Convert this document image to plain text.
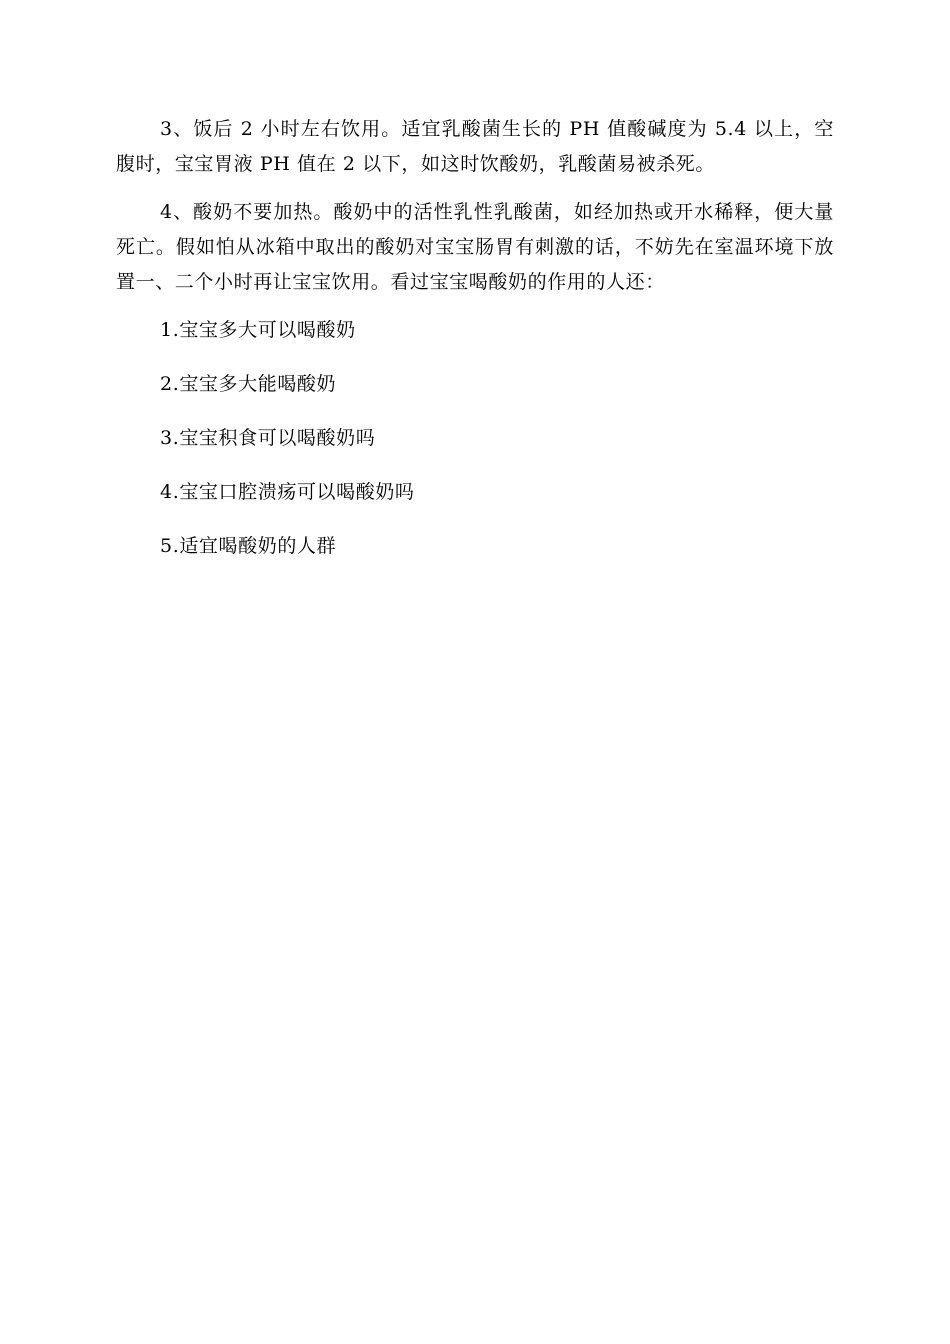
3、饭后 2 小时左右饮用。适宜乳酸菌生长的 PH 值酸碱度为 5.4 以上，空腹时，宝宝胃液 PH 值在 2 以下，如这时饮酸奶，乳酸菌易被杀死。

4、酸奶不要加热。酸奶中的活性乳性乳酸菌，如经加热或开水稀释，便大量死亡。假如怕从冰箱中取出的酸奶对宝宝肠胃有刺激的话，不妨先在室温环境下放置一、二个小时再让宝宝饮用。看过宝宝喝酸奶的作用的人还：

1.宝宝多大可以喝酸奶
2.宝宝多大能喝酸奶
3.宝宝积食可以喝酸奶吗
4.宝宝口腔溃疡可以喝酸奶吗
5.适宜喝酸奶的人群
